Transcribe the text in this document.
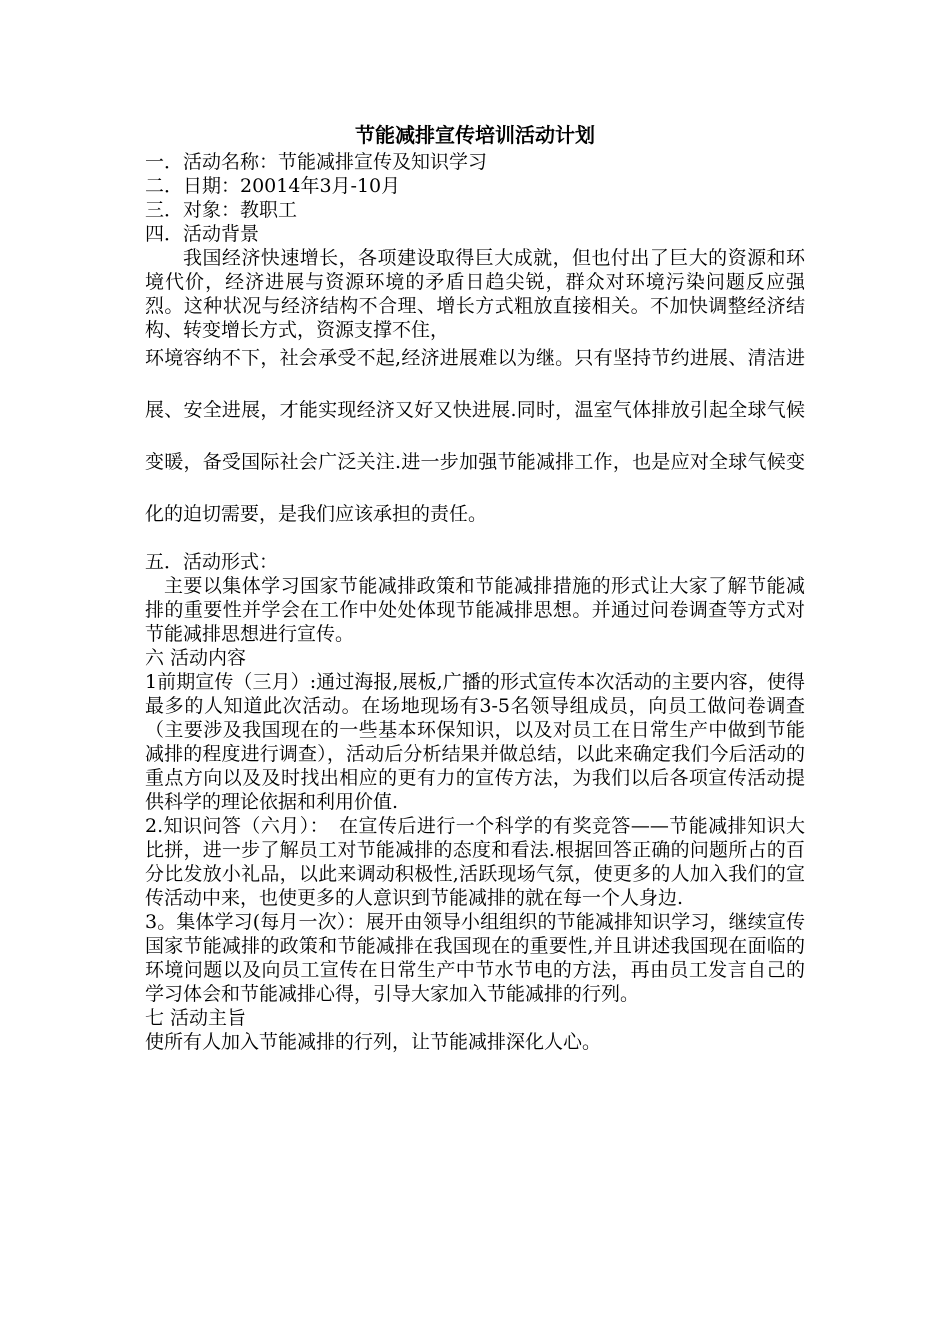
节能减排宣传培训活动计划

一．活动名称：节能减排宣传及知识学习

二．日期：20014年3月-10月

三．对象：教职工

四．活动背景

我国经济快速增长，各项建设取得巨大成就，但也付出了巨大的资源和环境代价，经济进展与资源环境的矛盾日趋尖锐，群众对环境污染问题反应强烈。这种状况与经济结构不合理、增长方式粗放直接相关。不加快调整经济结构、转变增长方式，资源支撑不住，

环境容纳不下，社会承受不起,经济进展难以为继。只有坚持节约进展、清洁进展、安全进展，才能实现经济又好又快进展.同时，温室气体排放引起全球气候变暖，备受国际社会广泛关注.进一步加强节能减排工作，也是应对全球气候变化的迫切需要，是我们应该承担的责任。

五．活动形式：

主要以集体学习国家节能减排政策和节能减排措施的形式让大家了解节能减排的重要性并学会在工作中处处体现节能减排思想。并通过问卷调查等方式对节能减排思想进行宣传。

六 活动内容

1前期宣传（三月）:通过海报,展板,广播的形式宣传本次活动的主要内容，使得最多的人知道此次活动。在场地现场有3-5名领导组成员，向员工做问卷调查（主要涉及我国现在的一些基本环保知识，以及对员工在日常生产中做到节能减排的程度进行调查），活动后分析结果并做总结，以此来确定我们今后活动的重点方向以及及时找出相应的更有力的宣传方法，为我们以后各项宣传活动提供科学的理论依据和利用价值.

2.知识问答（六月）：　在宣传后进行一个科学的有奖竞答——节能减排知识大比拼，进一步了解员工对节能减排的态度和看法.根据回答正确的问题所占的百分比发放小礼品，以此来调动积极性,活跃现场气氛，使更多的人加入我们的宣传活动中来，也使更多的人意识到节能减排的就在每一个人身边.

3。集体学习(每月一次）：展开由领导小组组织的节能减排知识学习，继续宣传国家节能减排的政策和节能减排在我国现在的重要性,并且讲述我国现在面临的环境问题以及向员工宣传在日常生产中节水节电的方法，再由员工发言自己的学习体会和节能减排心得，引导大家加入节能减排的行列。

七 活动主旨

使所有人加入节能减排的行列，让节能减排深化人心。
